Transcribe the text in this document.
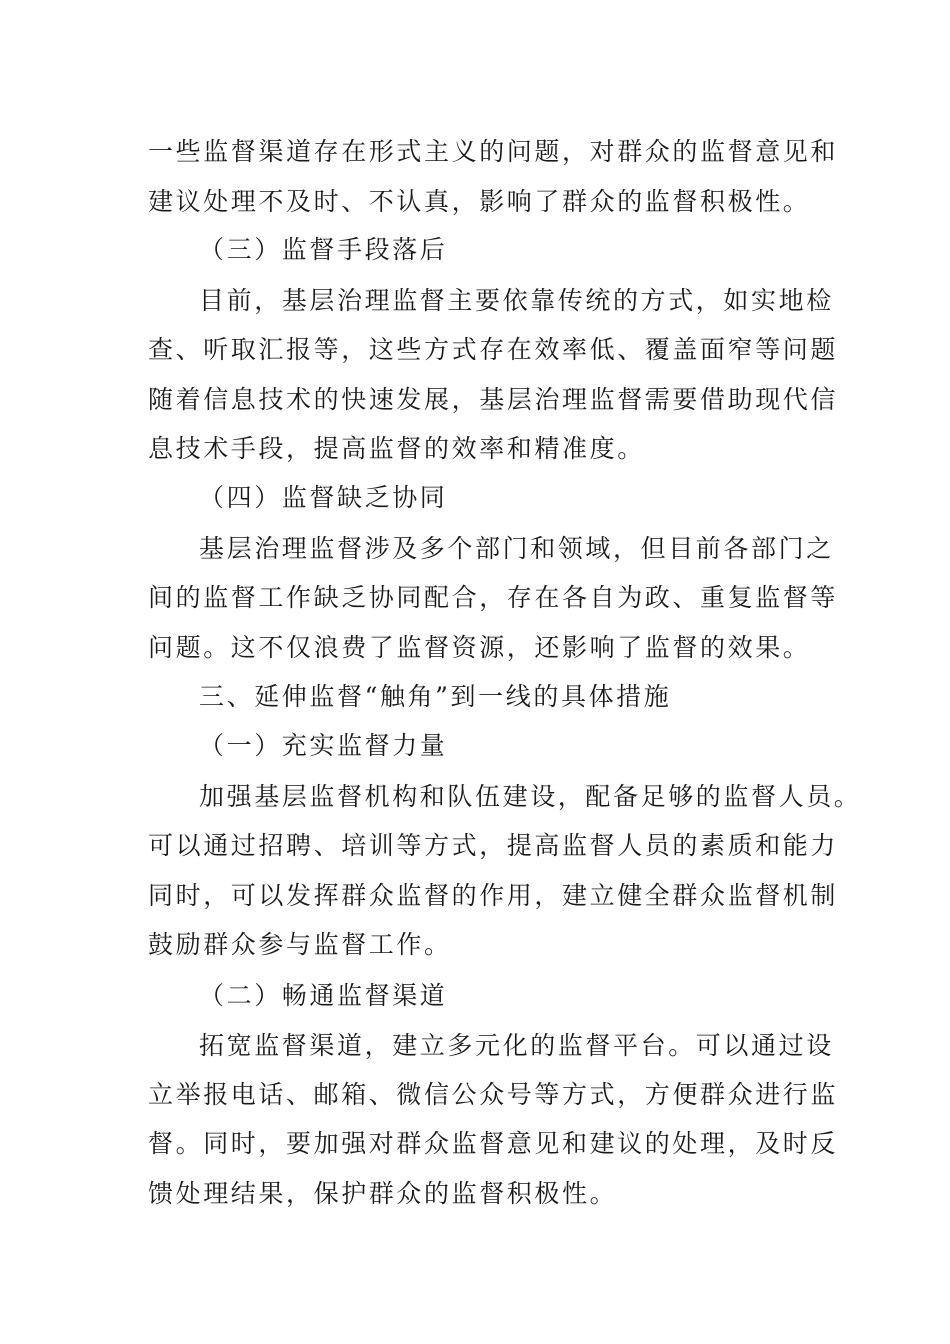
一些监督渠道存在形式主义的问题，对群众的监督意见和
建议处理不及时、不认真，影响了群众的监督积极性。
（三）监督手段落后
目前，基层治理监督主要依靠传统的方式，如实地检
查、听取汇报等，这些方式存在效率低、覆盖面窄等问题
随着信息技术的快速发展，基层治理监督需要借助现代信
息技术手段，提高监督的效率和精准度。
（四）监督缺乏协同
基层治理监督涉及多个部门和领域，但目前各部门之
间的监督工作缺乏协同配合，存在各自为政、重复监督等
问题。这不仅浪费了监督资源，还影响了监督的效果。
三、延伸监督“触角”到一线的具体措施
（一）充实监督力量
加强基层监督机构和队伍建设，配备足够的监督人员。
可以通过招聘、培训等方式，提高监督人员的素质和能力
同时，可以发挥群众监督的作用，建立健全群众监督机制
鼓励群众参与监督工作。
（二）畅通监督渠道
拓宽监督渠道，建立多元化的监督平台。可以通过设
立举报电话、邮箱、微信公众号等方式，方便群众进行监
督。同时，要加强对群众监督意见和建议的处理，及时反
馈处理结果，保护群众的监督积极性。
